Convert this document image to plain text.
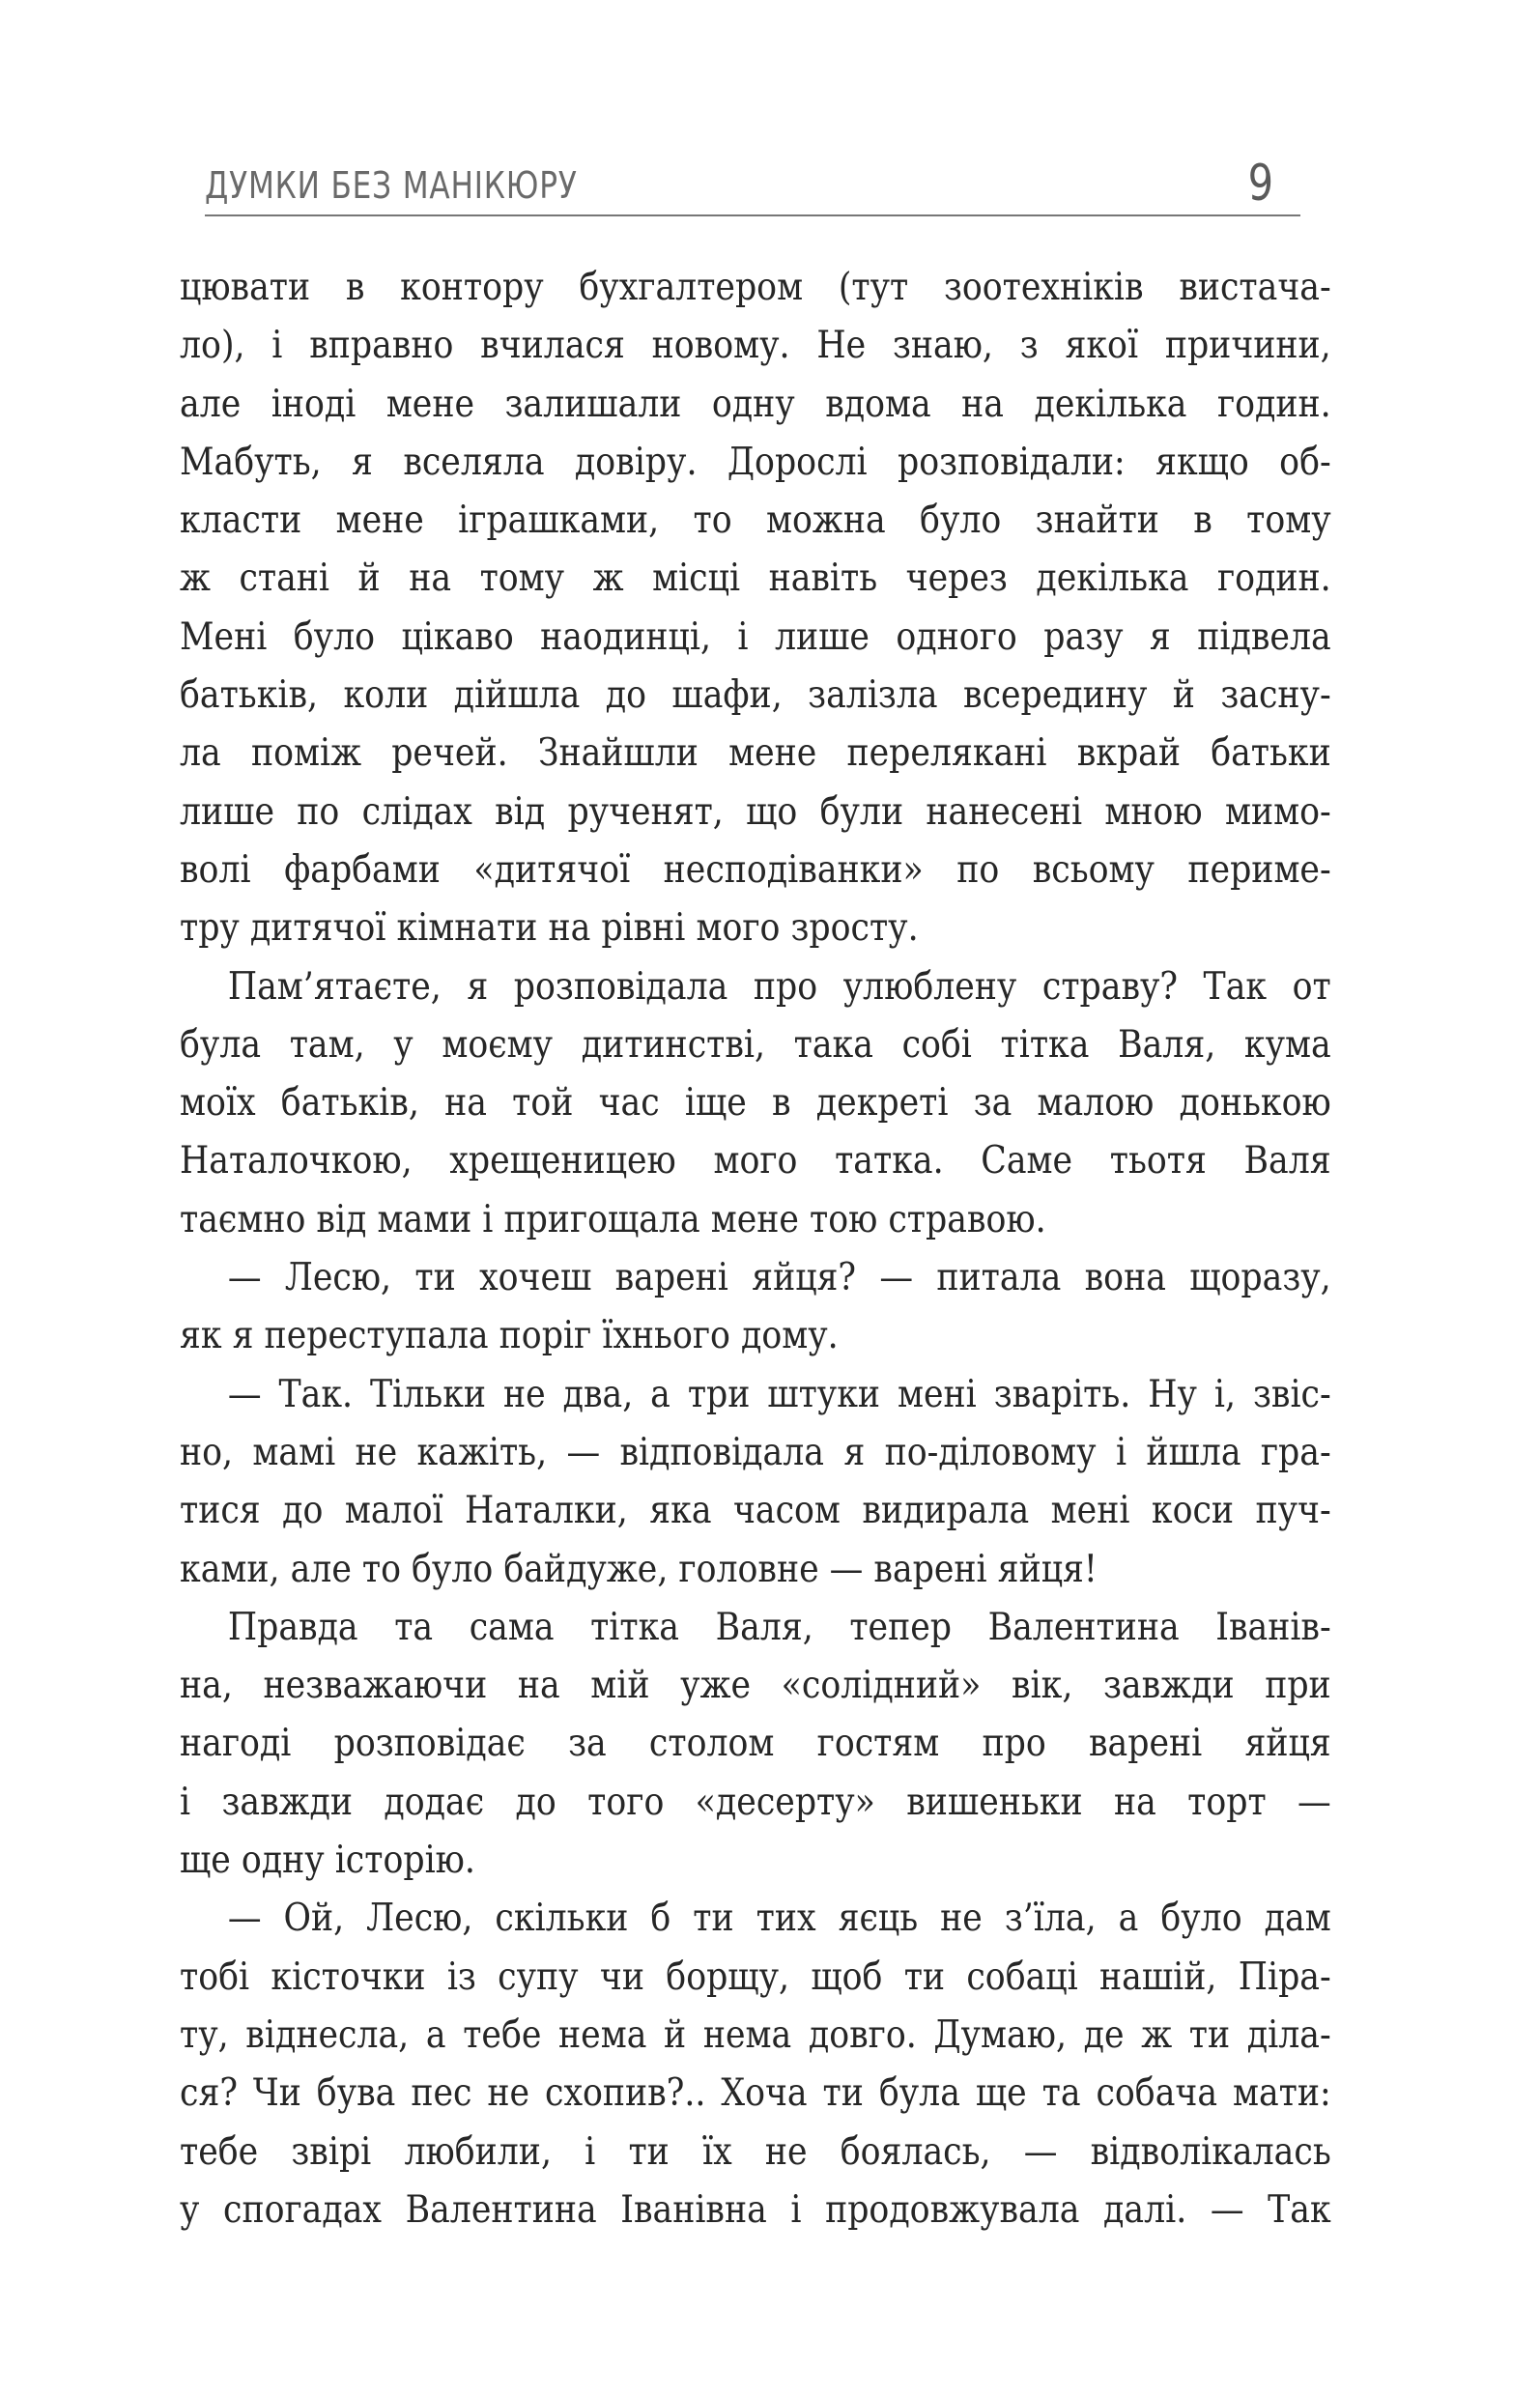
ДУМКИ БЕЗ МАНІКЮРУ	9
цювати в контору бухгалтером (тут зоотехніків вистача-
ло), і вправно вчилася новому. Не знаю, з якої причини,
але іноді мене залишали одну вдома на декілька годин.
Мабуть, я вселяла довіру. Дорослі розповідали: якщо об-
класти мене іграшками, то можна було знайти в тому
ж стані й на тому ж місці навіть через декілька годин.
Мені було цікаво наодинці, і лише одного разу я підвела
батьків, коли дійшла до шафи, залізла всередину й засну-
ла поміж речей. Знайшли мене перелякані вкрай батьки
лише по слідах від рученят, що були нанесені мною мимо-
волі фарбами «дитячої несподіванки» по всьому периме-
тру дитячої кімнати на рівні мого зросту.
Пам’ятаєте, я розповідала про улюблену страву? Так от
була там, у моєму дитинстві, така собі тітка Валя, кума
моїх батьків, на той час іще в декреті за малою донькою
Наталочкою, хрещеницею мого татка. Саме тьотя Валя
таємно від мами і пригощала мене тою стравою.
— Лесю, ти хочеш варені яйця? — питала вона щоразу,
як я переступала поріг їхнього дому.
— Так. Тільки не два, а три штуки мені зваріть. Ну і, звіс-
но, мамі не кажіть, — відповідала я по-діловому і йшла гра-
тися до малої Наталки, яка часом видирала мені коси пуч-
ками, але то було байдуже, головне — варені яйця!
Правда та сама тітка Валя, тепер Валентина Іванів-
на, незважаючи на мій уже «солідний» вік, завжди при
нагоді розповідає за столом гостям про варені яйця
і завжди додає до того «десерту» вишеньки на торт —
ще одну історію.
— Ой, Лесю, скільки б ти тих яєць не з’їла, а було дам
тобі кісточки із супу чи борщу, щоб ти собаці нашій, Піра-
ту, віднесла, а тебе нема й нема довго. Думаю, де ж ти діла-
ся? Чи бува пес не схопив?.. Хоча ти була ще та собача мати:
тебе звірі любили, і ти їх не боялась, — відволікалась
у спогадах Валентина Іванівна і продовжувала далі. — Так
